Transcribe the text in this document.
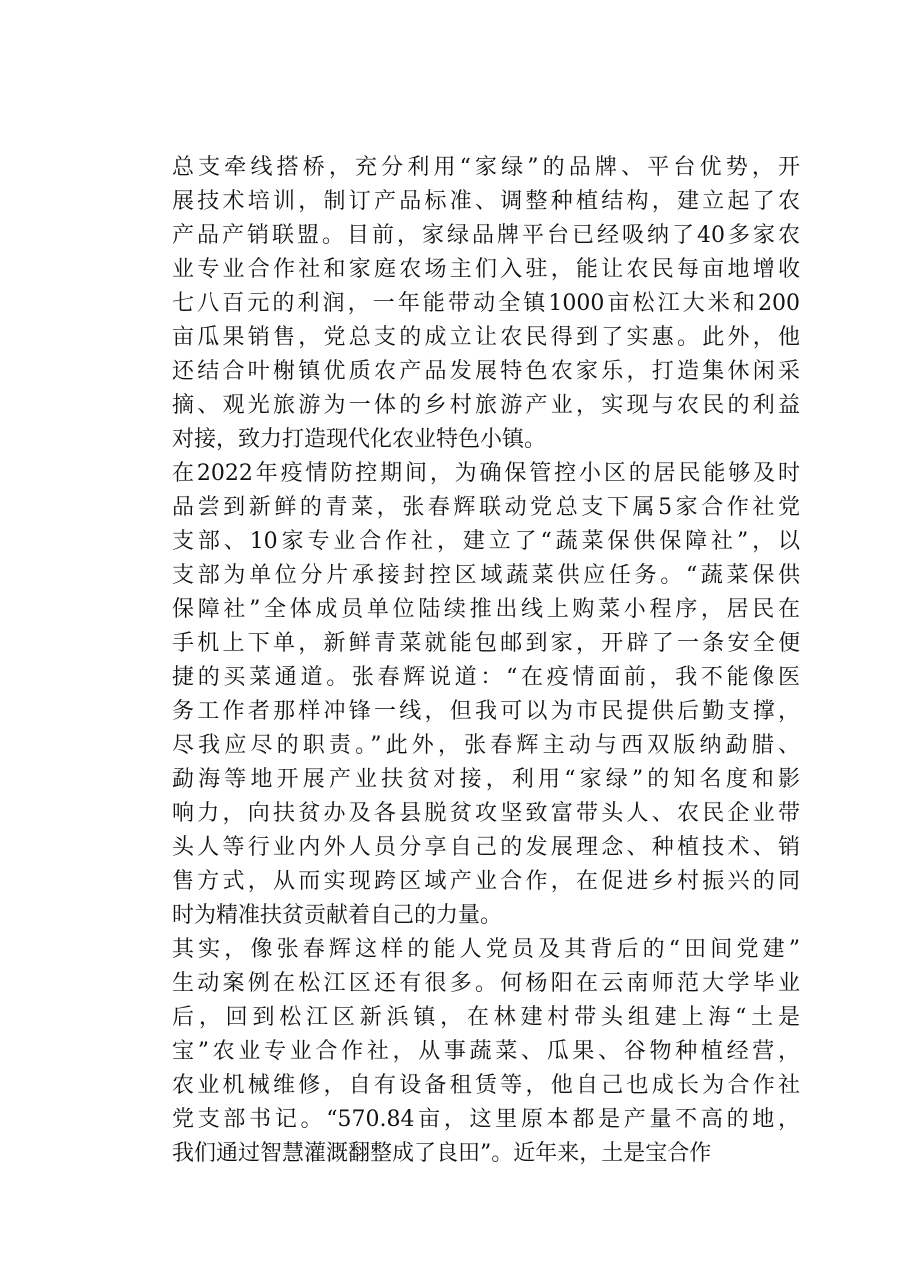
总支牵线搭桥，充分利用“家绿”的品牌、平台优势，开
展技术培训，制订产品标准、调整种植结构，建立起了农
产品产销联盟。目前，家绿品牌平台已经吸纳了40多家农
业专业合作社和家庭农场主们入驻，能让农民每亩地增收
七八百元的利润，一年能带动全镇1000亩松江大米和200
亩瓜果销售，党总支的成立让农民得到了实惠。此外，他
还结合叶榭镇优质农产品发展特色农家乐，打造集休闲采
摘、观光旅游为一体的乡村旅游产业，实现与农民的利益
对接，致力打造现代化农业特色小镇。
在2022年疫情防控期间，为确保管控小区的居民能够及时
品尝到新鲜的青菜，张春辉联动党总支下属5家合作社党
支部、10家专业合作社，建立了“蔬菜保供保障社”，以
支部为单位分片承接封控区域蔬菜供应任务。“蔬菜保供
保障社”全体成员单位陆续推出线上购菜小程序，居民在
手机上下单，新鲜青菜就能包邮到家，开辟了一条安全便
捷的买菜通道。张春辉说道：“在疫情面前，我不能像医
务工作者那样冲锋一线，但我可以为市民提供后勤支撑，
尽我应尽的职责。”此外，张春辉主动与西双版纳勐腊、
勐海等地开展产业扶贫对接，利用“家绿”的知名度和影
响力，向扶贫办及各县脱贫攻坚致富带头人、农民企业带
头人等行业内外人员分享自己的发展理念、种植技术、销
售方式，从而实现跨区域产业合作，在促进乡村振兴的同
时为精准扶贫贡献着自己的力量。
其实，像张春辉这样的能人党员及其背后的“田间党建”
生动案例在松江区还有很多。何杨阳在云南师范大学毕业
后，回到松江区新浜镇，在林建村带头组建上海“土是
宝”农业专业合作社，从事蔬菜、瓜果、谷物种植经营，
农业机械维修，自有设备租赁等，他自己也成长为合作社
党支部书记。“570.84亩，这里原本都是产量不高的地，
我们通过智慧灌溉翻整成了良田”。近年来，土是宝合作
